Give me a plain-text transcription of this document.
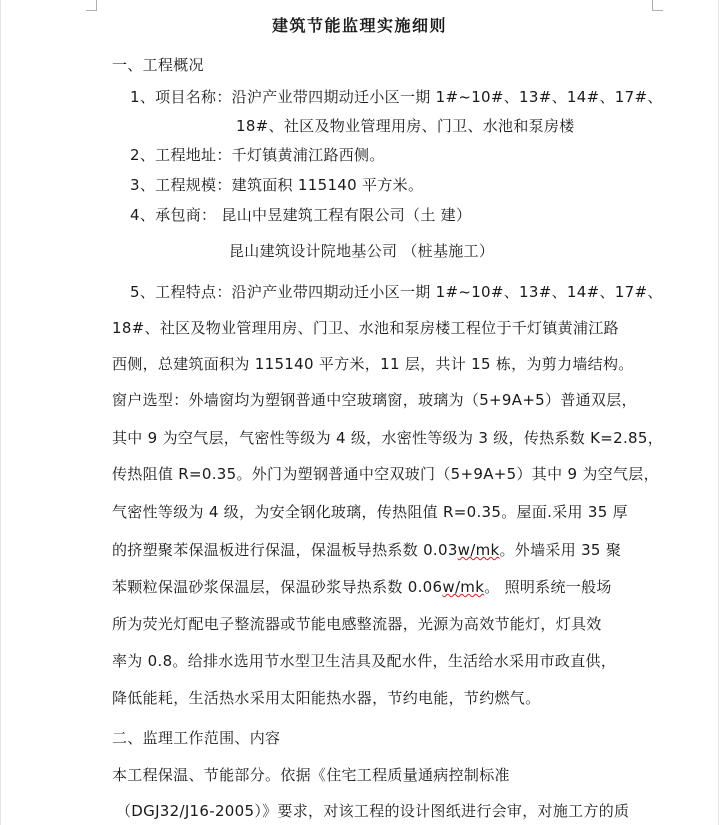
建筑节能监理实施细则
一、工程概况
1、项目名称：沿沪产业带四期动迁小区一期 1#~10#、13#、14#、17#、
18#、社区及物业管理用房、门卫、水池和泵房楼
2、工程地址：千灯镇黄浦江路西侧。
3、工程规模：建筑面积 115140 平方米。
4、承包商： 昆山中昱建筑工程有限公司（土 建）
昆山建筑设计院地基公司 （桩基施工）
5、工程特点：沿沪产业带四期动迁小区一期 1#~10#、13#、14#、17#、
18#、社区及物业管理用房、门卫、水池和泵房楼工程位于千灯镇黄浦江路
西侧，总建筑面积为 115140 平方米，11 层，共计 15 栋，为剪力墙结构。
窗户选型：外墙窗均为塑钢普通中空玻璃窗，玻璃为（5+9A+5）普通双层，
其中 9 为空气层，气密性等级为 4 级，水密性等级为 3 级，传热系数 K=2.85，
传热阻值 R=0.35。外门为塑钢普通中空双玻门（5+9A+5）其中 9 为空气层，
气密性等级为 4 级，为安全钢化玻璃，传热阻值 R=0.35。屋面.采用 35 厚
的挤塑聚苯保温板进行保温，保温板导热系数 0.03w/mk。外墙采用 35 聚
苯颗粒保温砂浆保温层，保温砂浆导热系数 0.06w/mk。 照明系统一般场
所为荧光灯配电子整流器或节能电感整流器，光源为高效节能灯，灯具效
率为 0.8。给排水选用节水型卫生洁具及配水件，生活给水采用市政直供，
降低能耗，生活热水采用太阳能热水器，节约电能，节约燃气。
二、监理工作范围、内容
本工程保温、节能部分。依据《住宅工程质量通病控制标准
（DGJ32/J16-2005）》要求，对该工程的设计图纸进行会审，对施工方的质
